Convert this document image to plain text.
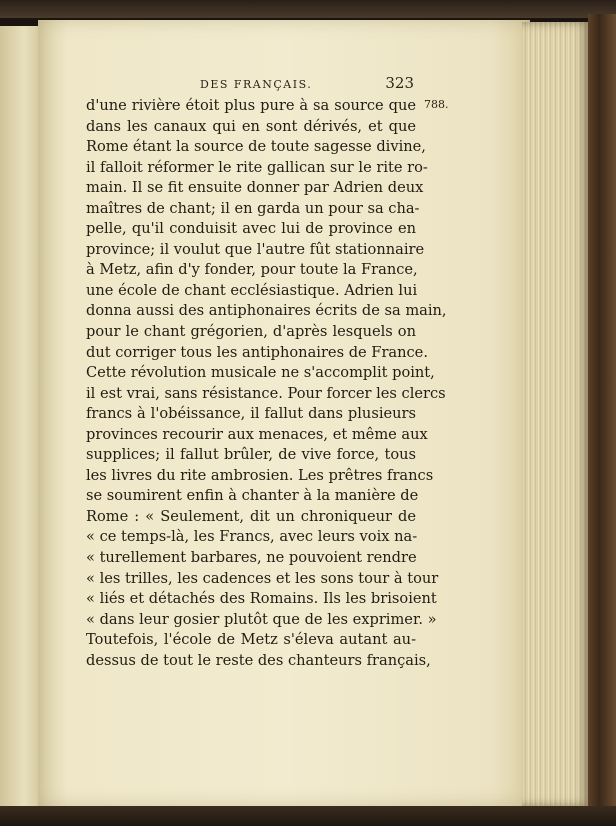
DES FRANÇAIS.	323
788.
d'une rivière étoit plus pure à sa source que
dans les canaux qui en sont dérivés, et que
Rome étant la source de toute sagesse divine,
il falloit réformer le rite gallican sur le rite ro-
main. Il se fit ensuite donner par Adrien deux
maîtres de chant; il en garda un pour sa cha-
pelle, qu'il conduisit avec lui de province en
province; il voulut que l'autre fût stationnaire
à Metz, afin d'y fonder, pour toute la France,
une école de chant ecclésiastique. Adrien lui
donna aussi des antiphonaires écrits de sa main,
pour le chant grégorien, d'après lesquels on
dut corriger tous les antiphonaires de France.
Cette révolution musicale ne s'accomplit point,
il est vrai, sans résistance. Pour forcer les clercs
francs à l'obéissance, il fallut dans plusieurs
provinces recourir aux menaces, et même aux
supplices; il fallut brûler, de vive force, tous
les livres du rite ambrosien. Les prêtres francs
se soumirent enfin à chanter à la manière de
Rome : « Seulement, dit un chroniqueur de
« ce temps-là, les Francs, avec leurs voix na-
« turellement barbares, ne pouvoient rendre
« les trilles, les cadences et les sons tour à tour
« liés et détachés des Romains. Ils les brisoient
« dans leur gosier plutôt que de les exprimer. »
Toutefois, l'école de Metz s'éleva autant au-
dessus de tout le reste des chanteurs français,
